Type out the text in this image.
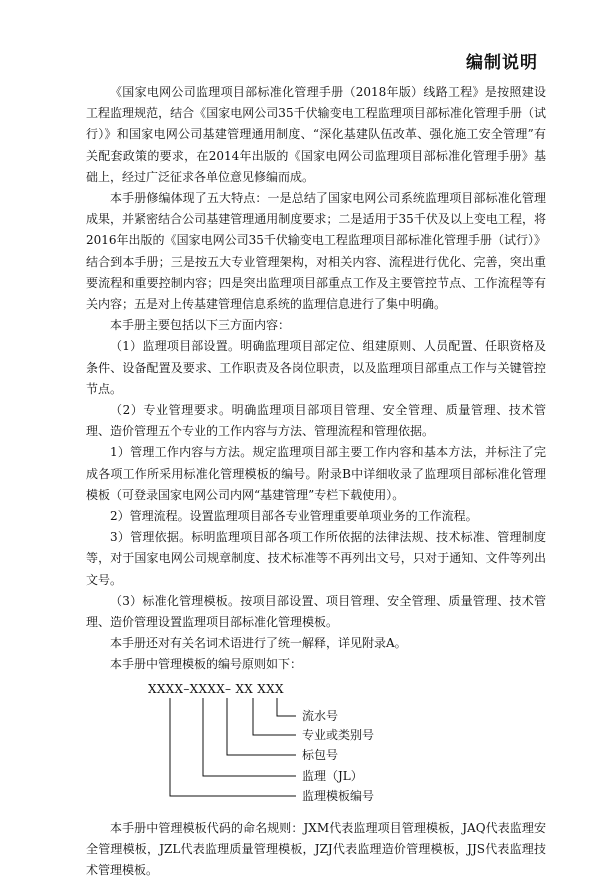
编制说明

《国家电网公司监理项目部标准化管理手册（2018年版）线路工程》是按照建设工程监理规范，结合《国家电网公司35千伏输变电工程监理项目部标准化管理手册（试行）》和国家电网公司基建管理通用制度、“深化基建队伍改革、强化施工安全管理”有关配套政策的要求，在2014年出版的《国家电网公司监理项目部标准化管理手册》基础上，经过广泛征求各单位意见修编而成。

本手册修编体现了五大特点：一是总结了国家电网公司系统监理项目部标准化管理成果，并紧密结合公司基建管理通用制度要求；二是适用于35千伏及以上变电工程，将2016年出版的《国家电网公司35千伏输变电工程监理项目部标准化管理手册（试行）》结合到本手册；三是按五大专业管理架构，对相关内容、流程进行优化、完善，突出重要流程和重要控制内容；四是突出监理项目部重点工作及主要管控节点、工作流程等有关内容；五是对上传基建管理信息系统的监理信息进行了集中明确。

本手册主要包括以下三方面内容：

（1）监理项目部设置。明确监理项目部定位、组建原则、人员配置、任职资格及条件、设备配置及要求、工作职责及各岗位职责，以及监理项目部重点工作与关键管控节点。

（2）专业管理要求。明确监理项目部项目管理、安全管理、质量管理、技术管理、造价管理五个专业的工作内容与方法、管理流程和管理依据。

1）管理工作内容与方法。规定监理项目部主要工作内容和基本方法，并标注了完成各项工作所采用标准化管理模板的编号。附录B中详细收录了监理项目部标准化管理模板（可登录国家电网公司内网“基建管理”专栏下载使用）。

2）管理流程。设置监理项目部各专业管理重要单项业务的工作流程。

3）管理依据。标明监理项目部各项工作所依据的法律法规、技术标准、管理制度等，对于国家电网公司规章制度、技术标准等不再列出文号，只对于通知、文件等列出文号。

（3）标准化管理模板。按项目部设置、项目管理、安全管理、质量管理、技术管理、造价管理设置监理项目部标准化管理模板。

本手册还对有关名词术语进行了统一解释，详见附录A。

本手册中管理模板的编号原则如下：

XXXX–XXXX– XX XXX

流水号

专业或类别号

标包号

监理（JL）

监理模板编号

本手册中管理模板代码的命名规则：JXM代表监理项目管理模板，JAQ代表监理安全管理模板，JZL代表监理质量管理模板，JZJ代表监理造价管理模板，JJS代表监理技术管理模板。
